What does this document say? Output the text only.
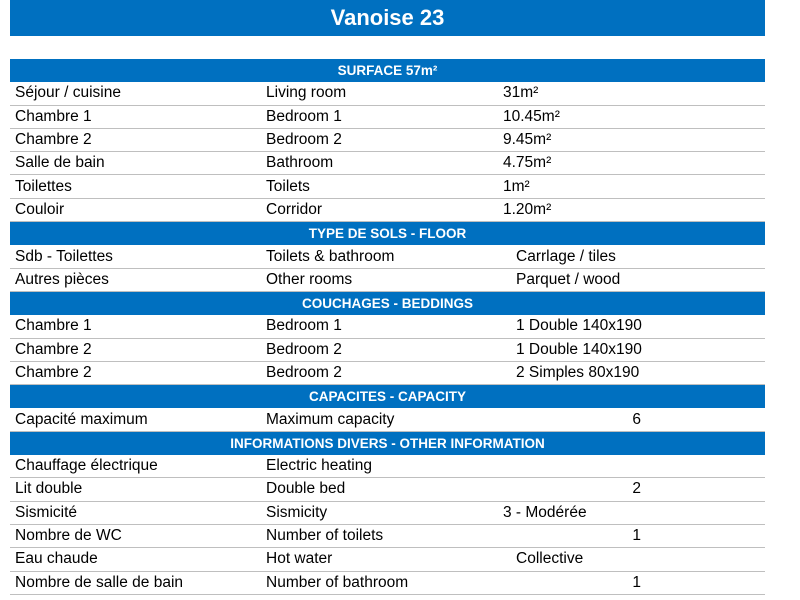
Vanoise 23
SURFACE 57m²
Séjour / cuisine	Living room	31m²
Chambre 1	Bedroom 1	10.45m²
Chambre 2	Bedroom 2	9.45m²
Salle de bain	Bathroom	4.75m²
Toilettes	Toilets	1m²
Couloir	Corridor	1.20m²
TYPE DE SOLS - FLOOR
Sdb - Toilettes	Toilets & bathroom	Carrlage / tiles
Autres pièces	Other rooms	Parquet / wood
COUCHAGES - BEDDINGS
Chambre 1	Bedroom 1	1 Double 140x190
Chambre 2	Bedroom 2	1 Double 140x190
Chambre 2	Bedroom 2	2 Simples 80x190
CAPACITES - CAPACITY
Capacité maximum	Maximum capacity	6
INFORMATIONS DIVERS - OTHER INFORMATION
Chauffage électrique	Electric heating
Lit double	Double bed	2
Sismicité	Sismicity	3 - Modérée
Nombre de WC	Number of toilets	1
Eau chaude	Hot water	Collective
Nombre de salle de bain	Number of bathroom	1
